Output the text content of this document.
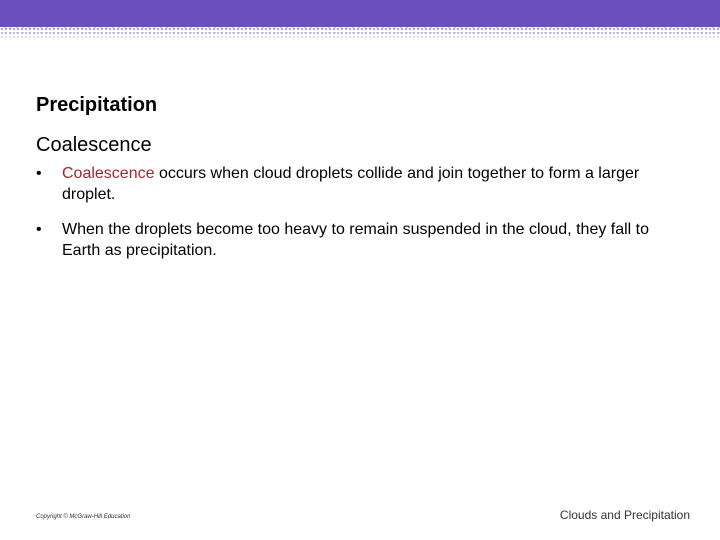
Precipitation
Coalescence
•	Coalescence occurs when cloud droplets collide and join together to form a larger droplet.
•	When the droplets become too heavy to remain suspended in the cloud, they fall to Earth as precipitation.
Copyright © McGraw-Hill Education	Clouds and Precipitation
